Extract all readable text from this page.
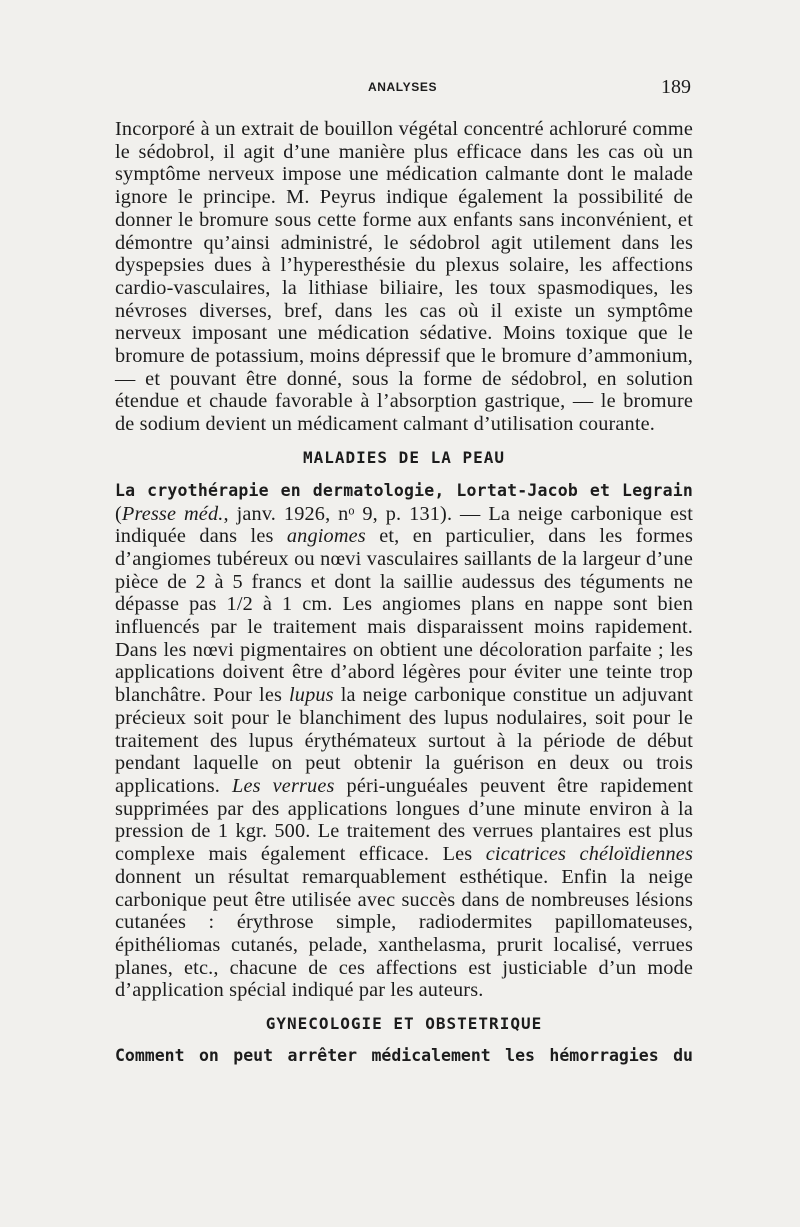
ANALYSES	189

Incorporé à un extrait de bouillon végétal concentré achloruré comme le sédobrol, il agit d’une manière plus efficace dans les cas où un symptôme nerveux impose une médication calmante dont le malade ignore le principe. M. Peyrus indique également la possibilité de donner le bromure sous cette forme aux enfants sans inconvénient, et démontre qu’ainsi administré, le sédobrol agit utilement dans les dyspepsies dues à l’hyperesthésie du plexus solaire, les affections cardio-vasculaires, la lithiase biliaire, les toux spasmodiques, les névroses diverses, bref, dans les cas où il existe un symptôme nerveux imposant une médication sédative. Moins toxique que le bromure de potassium, moins dépressif que le bromure d’ammonium, — et pouvant être donné, sous la forme de sédobrol, en solution étendue et chaude favorable à l’absorption gastrique, — le bromure de sodium devient un médicament calmant d’utilisation courante.

MALADIES DE LA PEAU

La cryothérapie en dermatologie, Lortat-Jacob et Legrain (Presse méd., janv. 1926, nᵒ 9, p. 131). — La neige carbonique est indiquée dans les angiomes et, en particulier, dans les formes d’angiomes tubéreux ou nœvi vasculaires saillants de la largeur d’une pièce de 2 à 5 francs et dont la saillie audessus des téguments ne dépasse pas 1/2 à 1 cm. Les angiomes plans en nappe sont bien influencés par le traitement mais disparaissent moins rapidement. Dans les nœvi pigmentaires on obtient une décoloration parfaite ; les applications doivent être d’abord légères pour éviter une teinte trop blanchâtre. Pour les lupus la neige carbonique constitue un adjuvant précieux soit pour le blanchiment des lupus nodulaires, soit pour le traitement des lupus érythémateux surtout à la période de début pendant laquelle on peut obtenir la guérison en deux ou trois applications. Les verrues péri-unguéales peuvent être rapidement supprimées par des applications longues d’une minute environ à la pression de 1 kgr. 500. Le traitement des verrues plantaires est plus complexe mais également efficace. Les cicatrices chéloïdiennes donnent un résultat remarquablement esthétique. Enfin la neige carbonique peut être utilisée avec succès dans de nombreuses lésions cutanées : érythrose simple, radiodermites papillomateuses, épithéliomas cutanés, pelade, xanthelasma, prurit localisé, verrues planes, etc., chacune de ces affections est justiciable d’un mode d’application spécial indiqué par les auteurs.

GYNECOLOGIE ET OBSTETRIQUE
Comment on peut arrêter médicalement les hémorragies du
